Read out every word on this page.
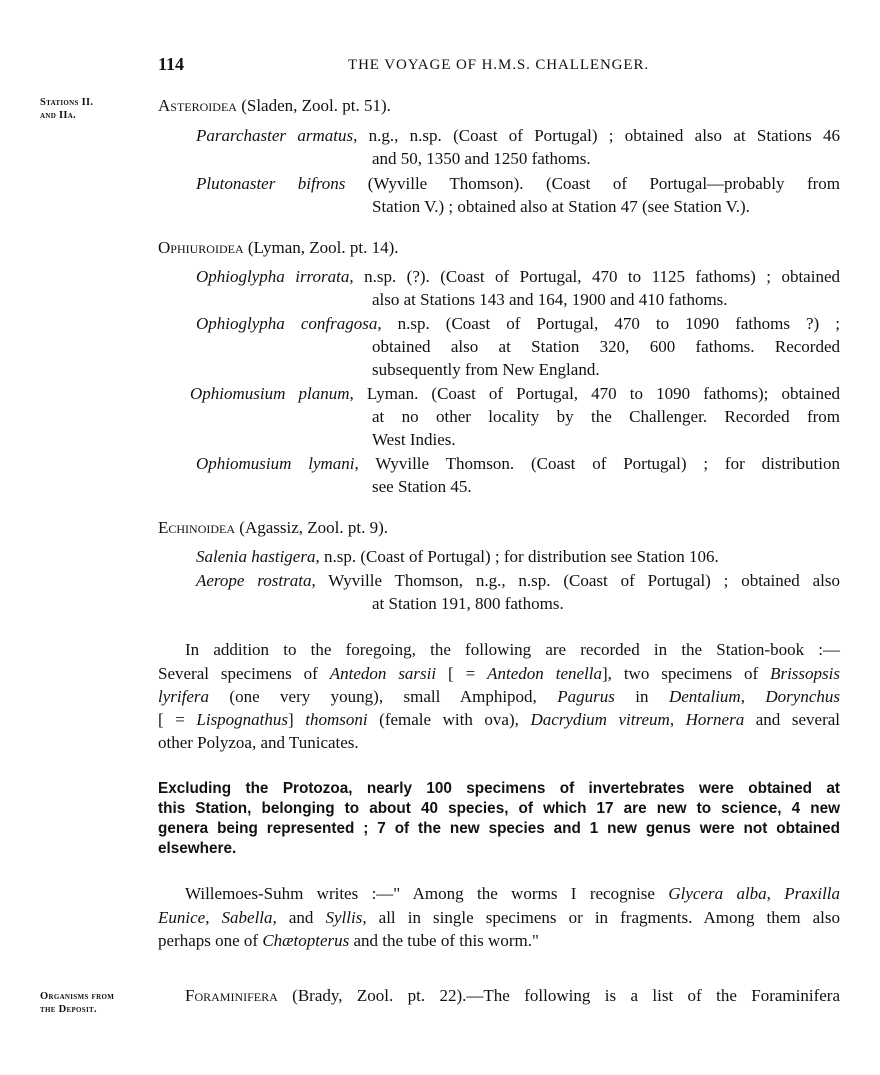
114	THE VOYAGE OF H.M.S. CHALLENGER.
Stations II.
and IIa.
Asteroidea (Sladen, Zool. pt. 51).
Pararchaster armatus, n.g., n.sp. (Coast of Portugal) ; obtained also at Stations 46
and 50, 1350 and 1250 fathoms.
Plutonaster bifrons (Wyville Thomson). (Coast of Portugal—probably from
Station V.) ; obtained also at Station 47 (see Station V.).
Ophiuroidea (Lyman, Zool. pt. 14).
Ophioglypha irrorata, n.sp. (?). (Coast of Portugal, 470 to 1125 fathoms) ; obtained
also at Stations 143 and 164, 1900 and 410 fathoms.
Ophioglypha confragosa, n.sp. (Coast of Portugal, 470 to 1090 fathoms ?) ;
obtained also at Station 320, 600 fathoms. Recorded
subsequently from New England.
Ophiomusium planum, Lyman. (Coast of Portugal, 470 to 1090 fathoms); obtained
at no other locality by the Challenger. Recorded from
West Indies.
Ophiomusium lymani, Wyville Thomson. (Coast of Portugal) ; for distribution
see Station 45.
Echinoidea (Agassiz, Zool. pt. 9).
Salenia hastigera, n.sp. (Coast of Portugal) ; for distribution see Station 106.
Aerope rostrata, Wyville Thomson, n.g., n.sp. (Coast of Portugal) ; obtained also
at Station 191, 800 fathoms.
In addition to the foregoing, the following are recorded in the Station-book :—
Several specimens of Antedon sarsii [ = Antedon tenella], two specimens of Brissopsis
lyrifera (one very young), small Amphipod, Pagurus in Dentalium, Dorynchus
[ = Lispognathus] thomsoni (female with ova), Dacrydium vitreum, Hornera and several
other Polyzoa, and Tunicates.
Excluding the Protozoa, nearly 100 specimens of invertebrates were obtained at
this Station, belonging to about 40 species, of which 17 are new to science, 4 new
genera being represented ; 7 of the new species and 1 new genus were not obtained
elsewhere.
Willemoes-Suhm writes :—" Among the worms I recognise Glycera alba, Praxilla
Eunice, Sabella, and Syllis, all in single specimens or in fragments. Among them also
perhaps one of Chætopterus and the tube of this worm."
Organisms from
the Deposit.
Foraminifera (Brady, Zool. pt. 22).—The following is a list of the Foraminifera
